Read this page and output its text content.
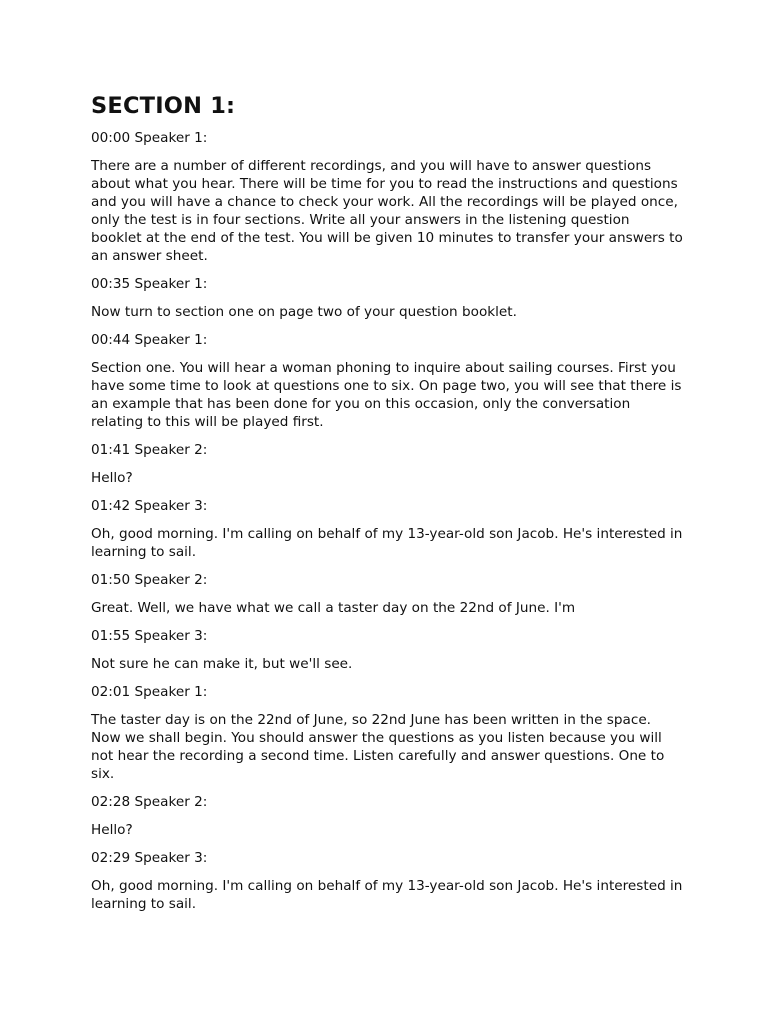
SECTION 1:

00:00 Speaker 1:

There are a number of different recordings, and you will have to answer questions about what you hear. There will be time for you to read the instructions and questions and you will have a chance to check your work. All the recordings will be played once, only the test is in four sections. Write all your answers in the listening question booklet at the end of the test. You will be given 10 minutes to transfer your answers to an answer sheet.

00:35 Speaker 1:

Now turn to section one on page two of your question booklet.

00:44 Speaker 1:

Section one. You will hear a woman phoning to inquire about sailing courses. First you have some time to look at questions one to six. On page two, you will see that there is an example that has been done for you on this occasion, only the conversation relating to this will be played first.

01:41 Speaker 2:

Hello?

01:42 Speaker 3:

Oh, good morning. I'm calling on behalf of my 13-year-old son Jacob. He's interested in learning to sail.

01:50 Speaker 2:

Great. Well, we have what we call a taster day on the 22nd of June. I'm

01:55 Speaker 3:

Not sure he can make it, but we'll see.

02:01 Speaker 1:

The taster day is on the 22nd of June, so 22nd June has been written in the space. Now we shall begin. You should answer the questions as you listen because you will not hear the recording a second time. Listen carefully and answer questions. One to six.

02:28 Speaker 2:

Hello?

02:29 Speaker 3:

Oh, good morning. I'm calling on behalf of my 13-year-old son Jacob. He's interested in learning to sail.
